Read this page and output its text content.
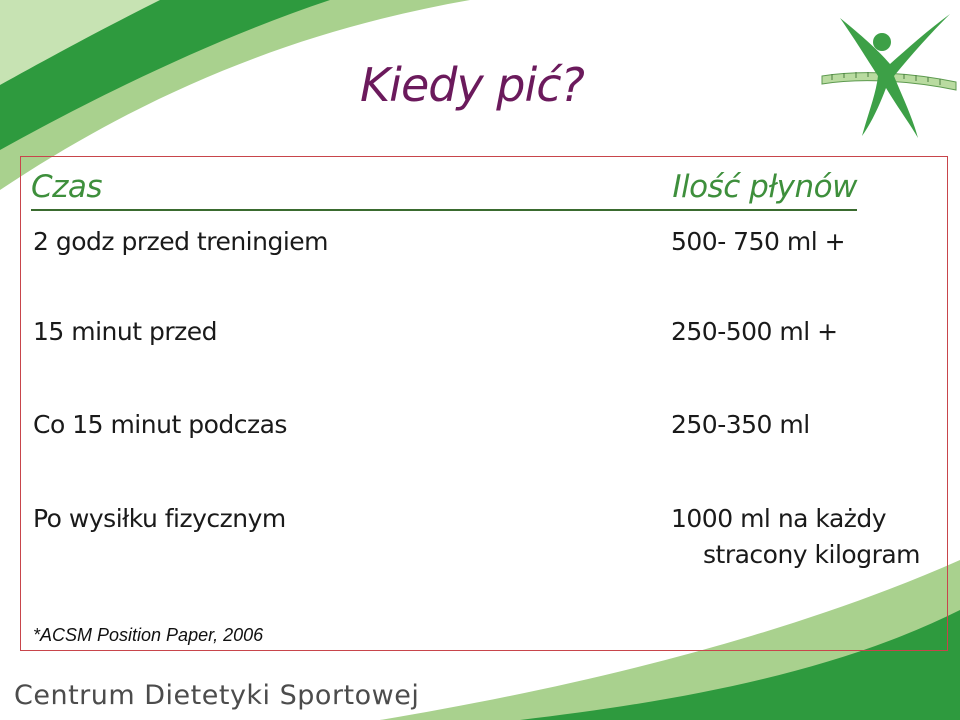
Kiedy pić?
Czas	Ilość płynów
2 godz przed treningiem	500- 750 ml +
15 minut przed	250-500 ml +
Co 15 minut podczas	250-350 ml
Po wysiłku fizycznym	1000 ml na każdy
stracony kilogram
*ACSM Position Paper, 2006
Centrum Dietetyki Sportowej
